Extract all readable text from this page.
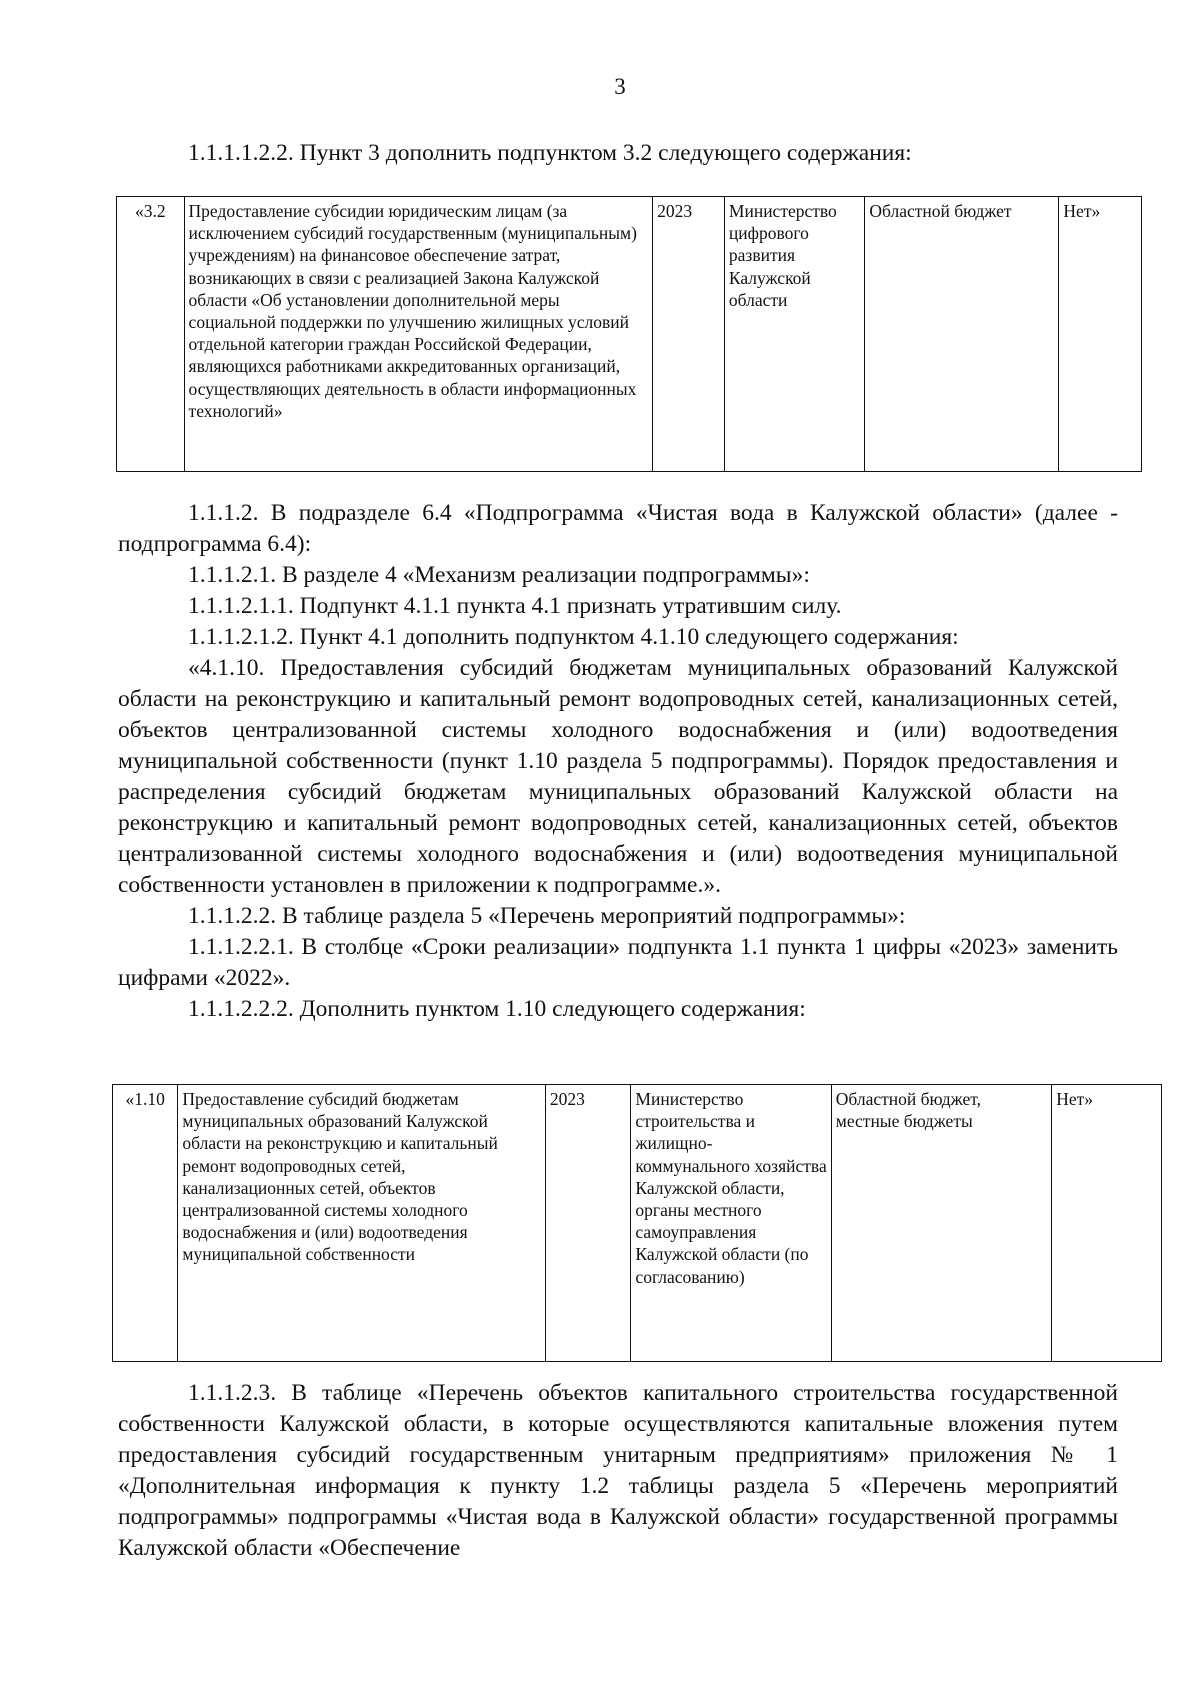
3
1.1.1.1.2.2. Пункт 3 дополнить подпунктом 3.2 следующего содержания:
«3.2	Предоставление субсидии юридическим лицам (за исключением субсидий государственным (муниципальным) учреждениям) на финансовое обеспечение затрат, возникающих в связи с реализацией Закона Калужской области «Об установлении дополнительной меры социальной поддержки по улучшению жилищных условий отдельной категории граждан Российской Федерации, являющихся работниками аккредитованных организаций, осуществляющих деятельность в области информационных технологий»	2023	Министерство цифрового развития Калужской области	Областной бюджет	Нет»
1.1.1.2. В подразделе 6.4 «Подпрограмма «Чистая вода в Калужской области» (далее - подпрограмма 6.4):
1.1.1.2.1. В разделе 4 «Механизм реализации подпрограммы»:
1.1.1.2.1.1. Подпункт 4.1.1 пункта 4.1 признать утратившим силу.
1.1.1.2.1.2. Пункт 4.1 дополнить подпунктом 4.1.10 следующего содержания:
«4.1.10. Предоставления субсидий бюджетам муниципальных образований Калужской области на реконструкцию и капитальный ремонт водопроводных сетей, канализационных сетей, объектов централизованной системы холодного водоснабжения и (или) водоотведения муниципальной собственности (пункт 1.10 раздела 5 подпрограммы). Порядок предоставления и распределения субсидий бюджетам муниципальных образований Калужской области на реконструкцию и капитальный ремонт водопроводных сетей, канализационных сетей, объектов централизованной системы холодного водоснабжения и (или) водоотведения муниципальной собственности установлен в приложении к подпрограмме.».
1.1.1.2.2. В таблице раздела 5 «Перечень мероприятий подпрограммы»:
1.1.1.2.2.1. В столбце «Сроки реализации» подпункта 1.1 пункта 1 цифры «2023» заменить цифрами «2022».
1.1.1.2.2.2. Дополнить пунктом 1.10 следующего содержания:
«1.10	Предоставление субсидий бюджетам муниципальных образований Калужской области на реконструкцию и капитальный ремонт водопроводных сетей, канализационных сетей, объектов централизованной системы холодного водоснабжения и (или) водоотведения муниципальной собственности	2023	Министерство строительства и жилищно-коммунального хозяйства Калужской области, органы местного самоуправления Калужской области (по согласованию)	Областной бюджет, местные бюджеты	Нет»
1.1.1.2.3. В таблице «Перечень объектов капитального строительства государственной собственности Калужской области, в которые осуществляются капитальные вложения путем предоставления субсидий государственным унитарным предприятиям» приложения № 1 «Дополнительная информация к пункту 1.2 таблицы раздела 5 «Перечень мероприятий подпрограммы» подпрограммы «Чистая вода в Калужской области» государственной программы Калужской области «Обеспечение
